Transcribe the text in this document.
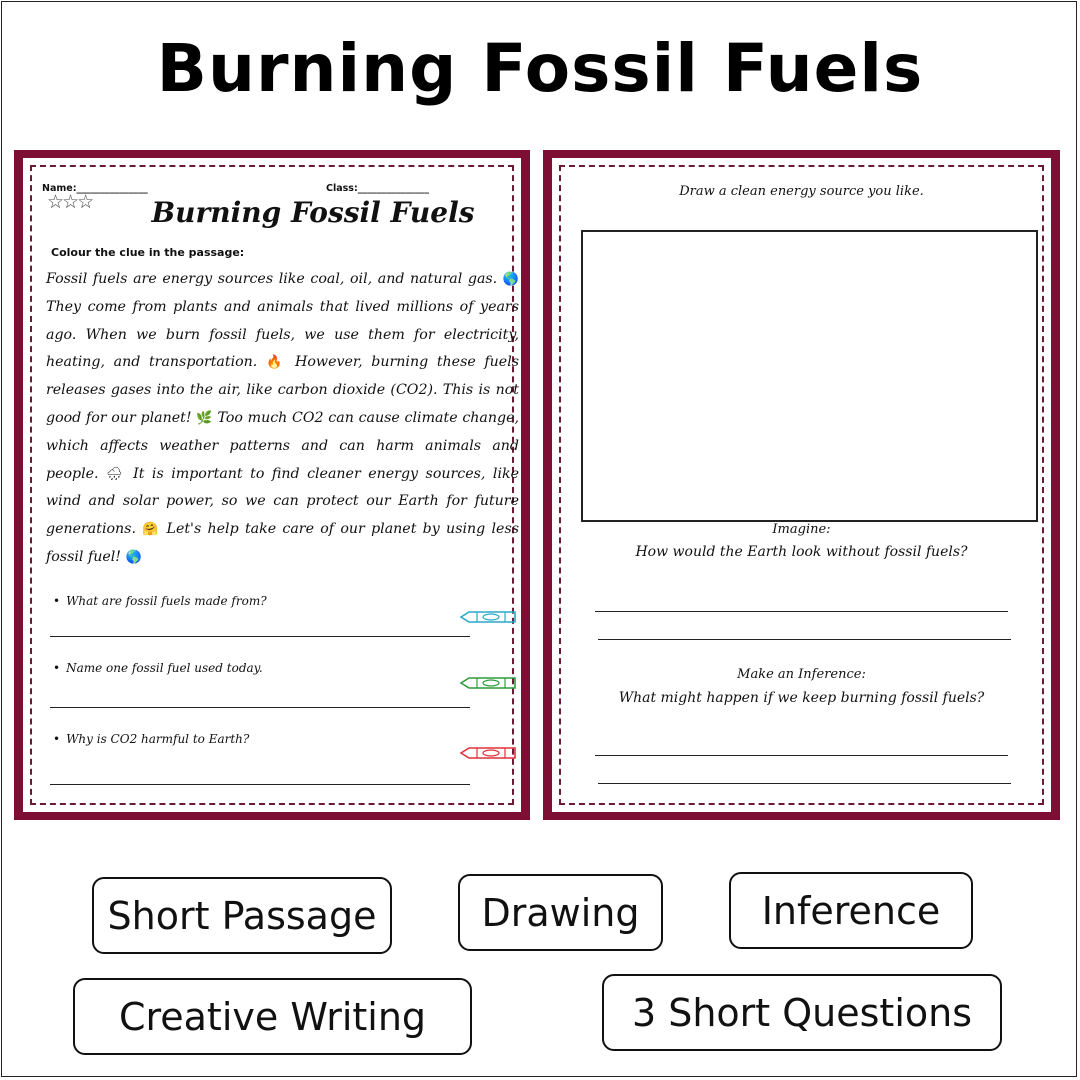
Burning Fossil Fuels
Name:_______________	Class:_______________
☆☆☆	Burning Fossil Fuels
Colour the clue in the passage:
Fossil fuels are energy sources like coal, oil, and natural gas. 🌎 They come from plants and animals that lived millions of years ago. When we burn fossil fuels, we use them for electricity, heating, and transportation. 🔥 However, burning these fuels releases gases into the air, like carbon dioxide (CO2). This is not good for our planet! 🌿 Too much CO2 can cause climate change, which affects weather patterns and can harm animals and people. 🌧 It is important to find cleaner energy sources, like wind and solar power, so we can protect our Earth for future generations. 🤗 Let's help take care of our planet by using less fossil fuel! 🌎
• What are fossil fuels made from?
• Name one fossil fuel used today.
• Why is CO2 harmful to Earth?
Draw a clean energy source you like.
Imagine:
How would the Earth look without fossil fuels?
Make an Inference:
What might happen if we keep burning fossil fuels?
Short Passage	Drawing	Inference
Creative Writing	3 Short Questions
